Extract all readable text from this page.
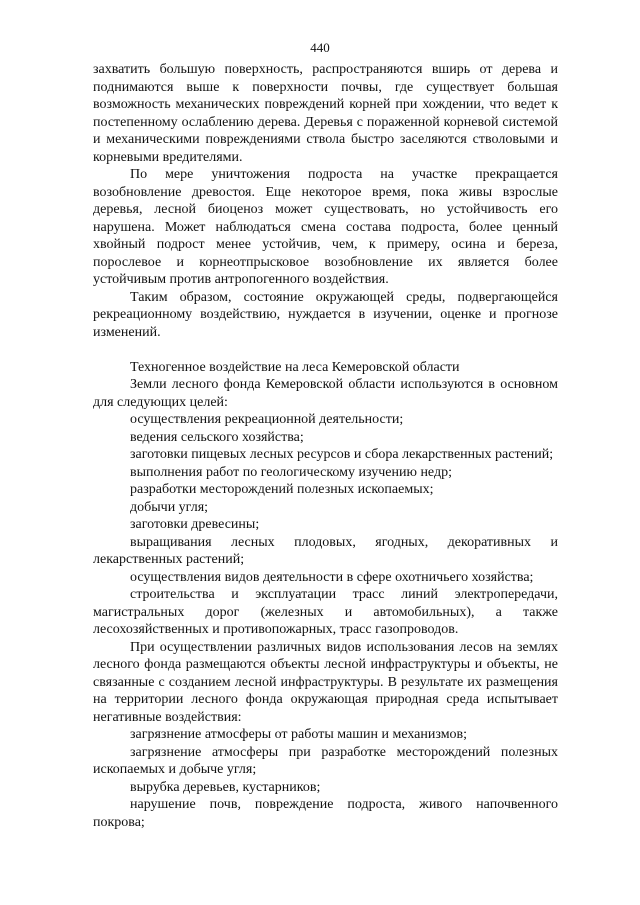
440

захватить большую поверхность, распространяются вширь от дерева и поднимаются выше к поверхности почвы, где существует большая возможность механических повреждений корней при хождении, что ведет к постепенному ослаблению дерева. Деревья с пораженной корневой системой и механическими повреждениями ствола быстро заселяются стволовыми и корневыми вредителями.

По мере уничтожения подроста на участке прекращается возобновление древостоя. Еще некоторое время, пока живы взрослые деревья, лесной биоценоз может существовать, но устойчивость его нарушена. Может наблюдаться смена состава подроста, более ценный хвойный подрост менее устойчив, чем, к примеру, осина и береза, порослевое и корнеотпрысковое возобновление их является более устойчивым против антропогенного воздействия.

Таким образом, состояние окружающей среды, подвергающейся рекреационному воздействию, нуждается в изучении, оценке и прогнозе изменений.

Техногенное воздействие на леса Кемеровской области

Земли лесного фонда Кемеровской области используются в основном для следующих целей:

осуществления рекреационной деятельности;

ведения сельского хозяйства;

заготовки пищевых лесных ресурсов и сбора лекарственных растений;

выполнения работ по геологическому изучению недр;

разработки месторождений полезных ископаемых;

добычи угля;

заготовки древесины;

выращивания лесных плодовых, ягодных, декоративных и лекарственных растений;

осуществления видов деятельности в сфере охотничьего хозяйства;

строительства и эксплуатации трасс линий электропередачи, магистральных дорог (железных и автомобильных), а также лесохозяйственных и противопожарных, трасс газопроводов.

При осуществлении различных видов использования лесов на землях лесного фонда размещаются объекты лесной инфраструктуры и объекты, не связанные с созданием лесной инфраструктуры. В результате их размещения на территории лесного фонда окружающая природная среда испытывает негативные воздействия:

загрязнение атмосферы от работы машин и механизмов;

загрязнение атмосферы при разработке месторождений полезных ископаемых и добыче угля;

вырубка деревьев, кустарников;

нарушение почв, повреждение подроста, живого напочвенного покрова;
